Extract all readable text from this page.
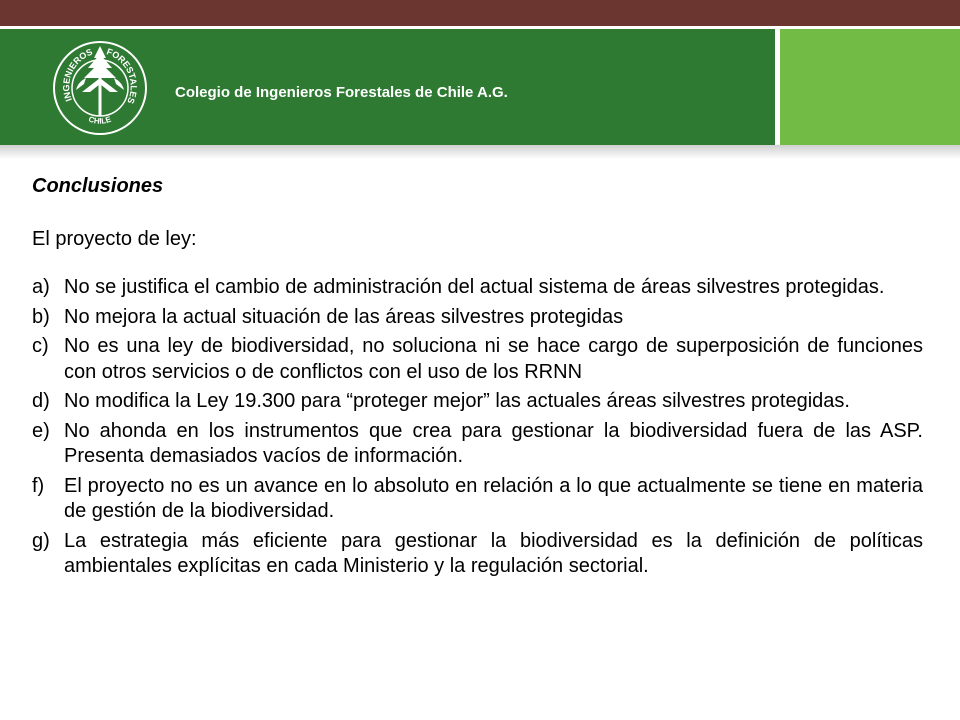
INGENIEROS FORESTALES
CHILE
Colegio de Ingenieros Forestales de Chile A.G.
Conclusiones
El proyecto de ley:
a) No se justifica el cambio de administración del actual sistema de áreas silvestres protegidas.
b) No mejora la actual situación de las áreas silvestres protegidas
c) No es una ley de biodiversidad, no soluciona ni se hace cargo de superposición de funciones con otros servicios o de conflictos con el uso de los RRNN
d) No modifica la Ley 19.300 para “proteger mejor” las actuales áreas silvestres protegidas.
e) No ahonda en los instrumentos que crea para gestionar la biodiversidad fuera de las ASP. Presenta demasiados vacíos de información.
f) El proyecto no es un avance en lo absoluto en relación a lo que actualmente se tiene en materia de gestión de la biodiversidad.
g) La estrategia más eficiente para gestionar la biodiversidad es la definición de políticas ambientales explícitas en cada Ministerio y la regulación sectorial.
